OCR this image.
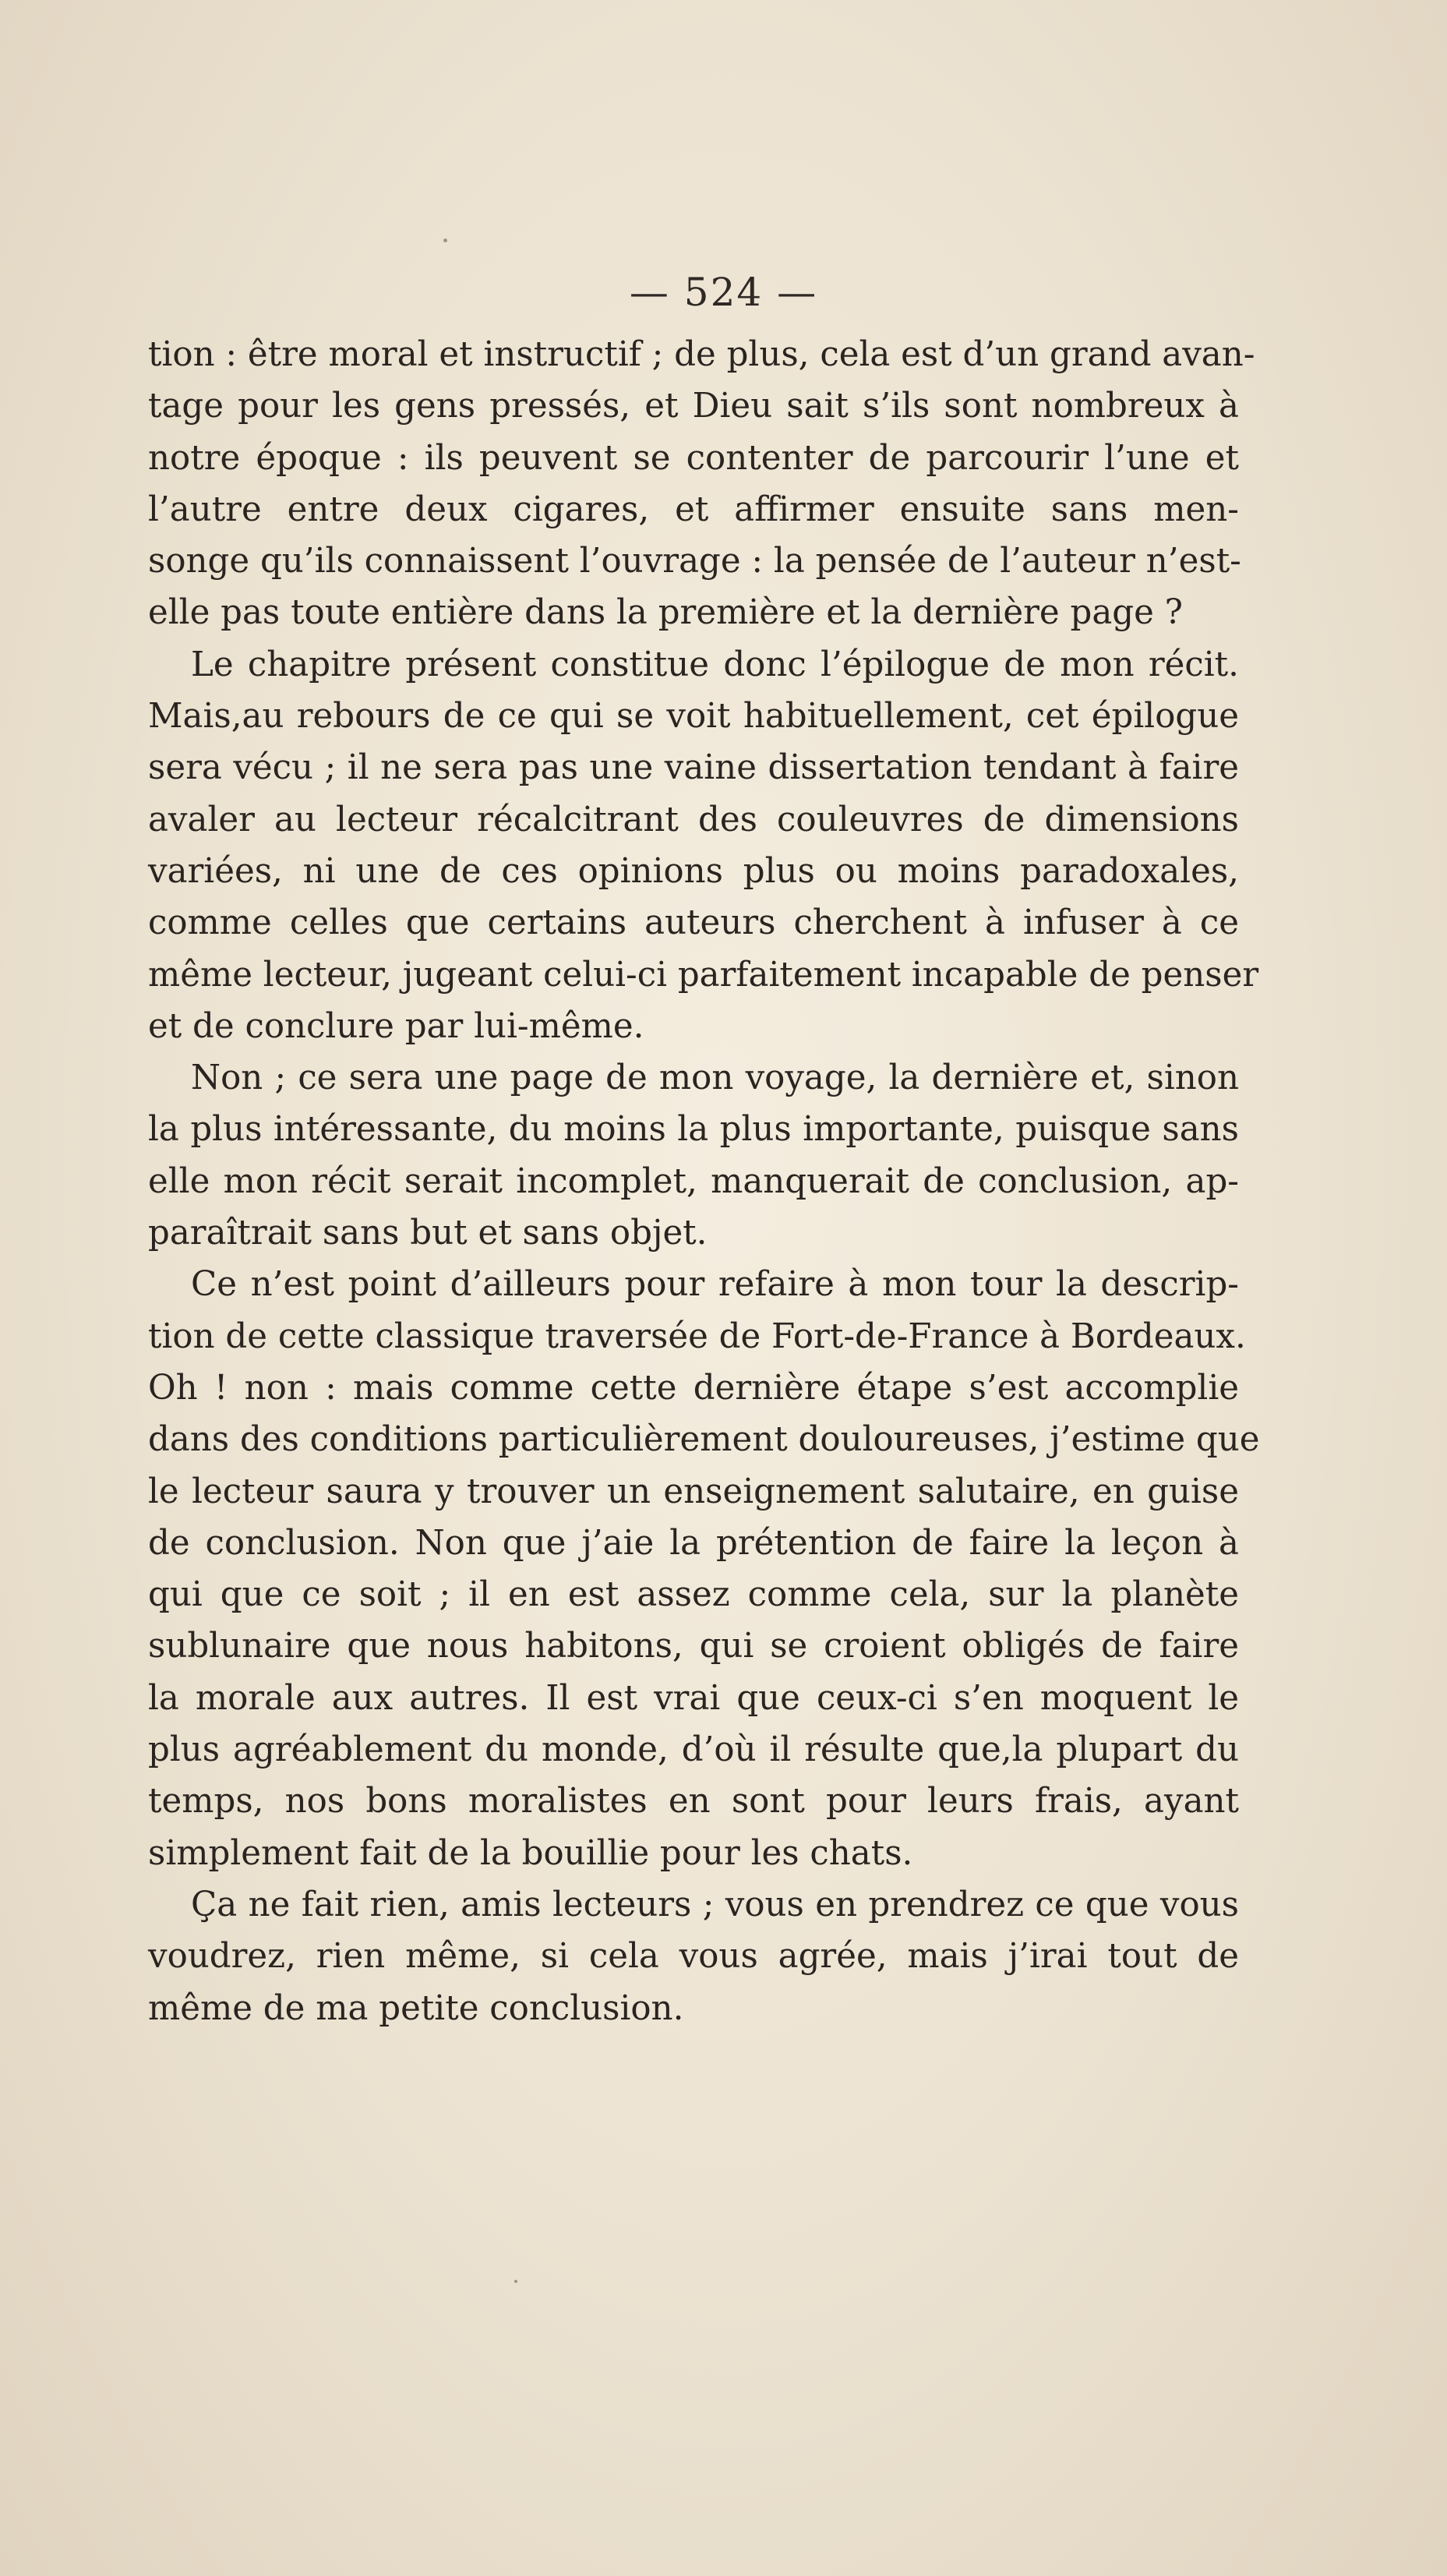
— 524 —
tion : être moral et instructif ; de plus, cela est d’un grand avan-
tage pour les gens pressés, et Dieu sait s’ils sont nombreux à
notre époque : ils peuvent se contenter de parcourir l’une et
l’autre entre deux cigares, et affirmer ensuite sans men-
songe qu’ils connaissent l’ouvrage : la pensée de l’auteur n’est-
elle pas toute entière dans la première et la dernière page ?
Le chapitre présent constitue donc l’épilogue de mon récit.
Mais,au rebours de ce qui se voit habituellement, cet épilogue
sera vécu ; il ne sera pas une vaine dissertation tendant à faire
avaler au lecteur récalcitrant des couleuvres de dimensions
variées, ni une de ces opinions plus ou moins paradoxales,
comme celles que certains auteurs cherchent à infuser à ce
même lecteur, jugeant celui-ci parfaitement incapable de penser
et de conclure par lui-même.
Non ; ce sera une page de mon voyage, la dernière et, sinon
la plus intéressante, du moins la plus importante, puisque sans
elle mon récit serait incomplet, manquerait de conclusion, ap-
paraîtrait sans but et sans objet.
Ce n’est point d’ailleurs pour refaire à mon tour la descrip-
tion de cette classique traversée de Fort-de-France à Bordeaux.
Oh ! non : mais comme cette dernière étape s’est accomplie
dans des conditions particulièrement douloureuses, j’estime que
le lecteur saura y trouver un enseignement salutaire, en guise
de conclusion. Non que j’aie la prétention de faire la leçon à
qui que ce soit ; il en est assez comme cela, sur la planète
sublunaire que nous habitons, qui se croient obligés de faire
la morale aux autres. Il est vrai que ceux-ci s’en moquent le
plus agréablement du monde, d’où il résulte que,la plupart du
temps, nos bons moralistes en sont pour leurs frais, ayant
simplement fait de la bouillie pour les chats.
Ça ne fait rien, amis lecteurs ; vous en prendrez ce que vous
voudrez, rien même, si cela vous agrée, mais j’irai tout de
même de ma petite conclusion.
